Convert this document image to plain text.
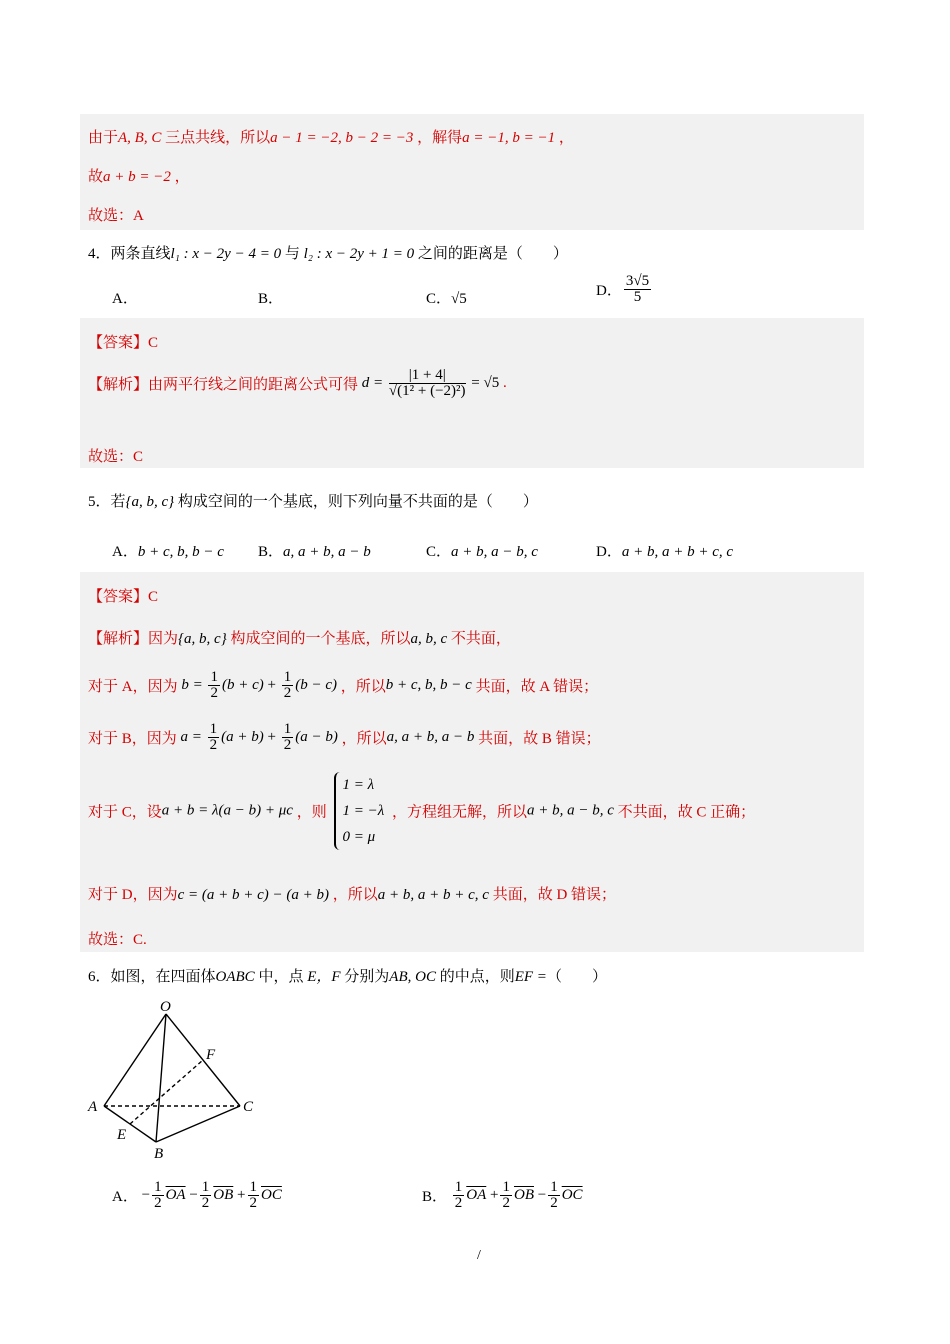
由于A, B, C 三点共线，所以a − 1 = −2, b − 2 = −3 ，解得a = −1, b = −1 ，
故a + b = −2 ，
故选：A
4．两条直线l₁ : x − 2y − 4 = 0 与 l₂ : x − 2y + 1 = 0 之间的距离是（　　）
A．	B．	C．√5	D． $\frac{3√5}{5}$
【答案】C
【解析】由两平行线之间的距离公式可得 $d = \frac{|1 + 4|}{\text{√(1² + (−2)²)}} = √5$ .
故选：C
5．若{a, b, c} 构成空间的一个基底，则下列向量不共面的是（　　）
A．b + c, b, b − c B．a, a + b, a − b	C．a + b, a − b, c	D．a + b, a + b + c, c
【答案】C
【解析】因为{a, b, c} 构成空间的一个基底，所以a, b, c 不共面，
对于 A，因为 $b = \frac{1}{2} (b + c) + \frac{1}{2} (b - c)$ ，所以b + c, b, b − c 共面，故 A 错误；
对于 B，因为 $a = \frac{1}{2} (a + b) + \frac{1}{2} (a - b)$ ，所以a, a + b, a − b 共面，故 B 错误；
对于 C，设a + b = λ(a − b) + μc ，则 1 = λ
1 = −λ
0 = μ ，方程组无解，所以a + b, a − b, c 不共面，故 C 正确；
对于 D，因为c = (a + b + c) − (a + b) ，所以a + b, a + b + c, c 共面，故 D 错误；
故选：C.
6．如图，在四面体OABC 中，点 E，F 分别为AB, OC 的中点，则EF =（　　）
O
A
B
C
E
F
A． − $\frac{1}{2} \overline{OA} - \frac{1}{2} \overline{OB} + \frac{1}{2} \overline{OC}$	B． $\frac{1}{2} \overline{OA} + \frac{1}{2} \overline{OB} - \frac{1}{2} \overline{OC}$
/
